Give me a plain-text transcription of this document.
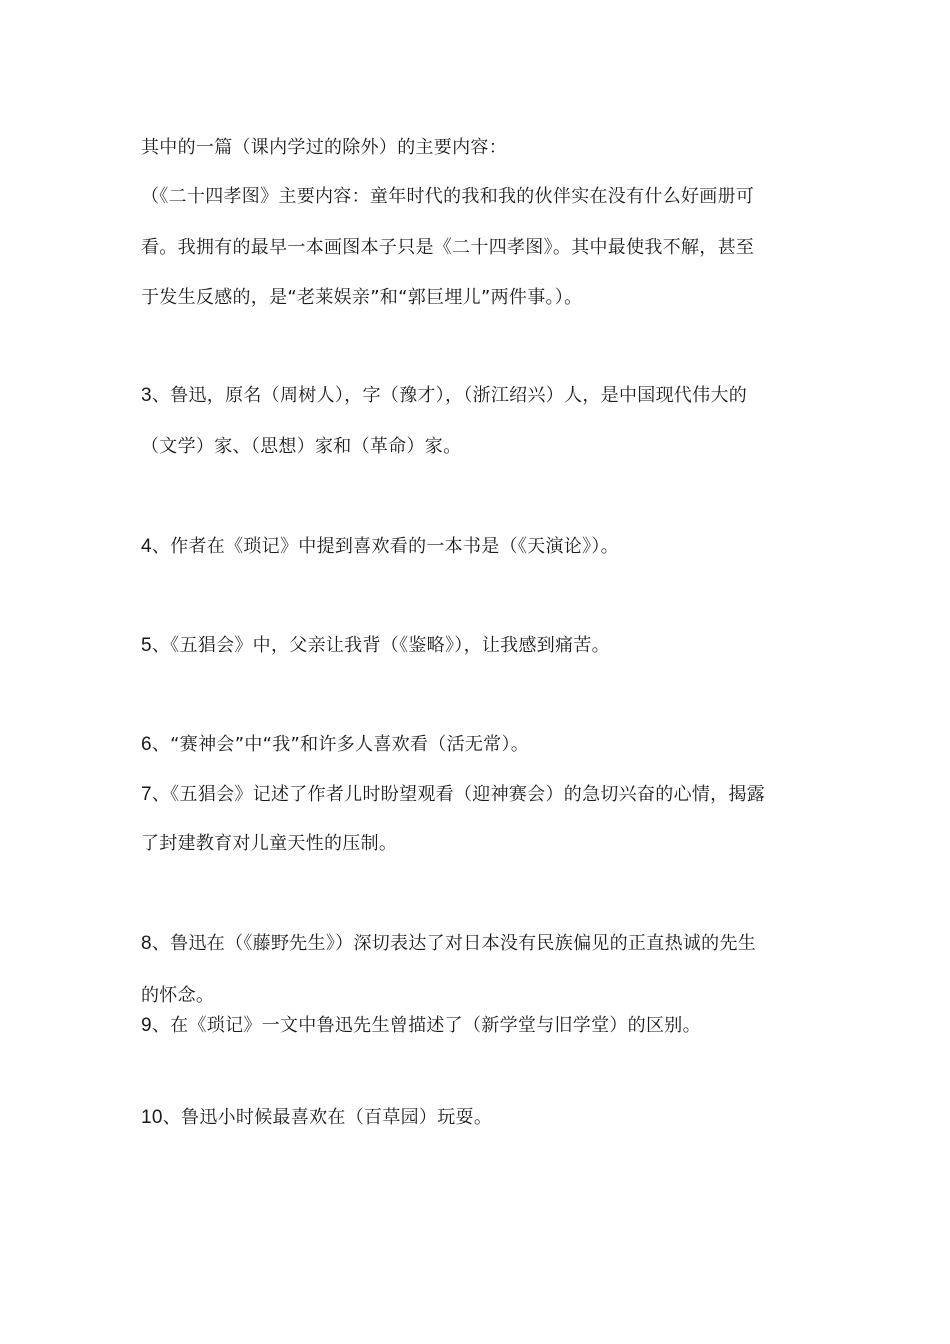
其中的一篇（课内学过的除外）的主要内容：
（《二十四孝图》主要内容：童年时代的我和我的伙伴实在没有什么好画册可
看。我拥有的最早一本画图本子只是《二十四孝图》。其中最使我不解，甚至
于发生反感的，是“老莱娱亲”和“郭巨埋儿”两件事。）。
3、鲁迅，原名（周树人），字（豫才），（浙江绍兴）人，是中国现代伟大的
（文学）家、（思想）家和（革命）家。
4、作者在《琐记》中提到喜欢看的一本书是（《天演论》）。
5、《五猖会》中，父亲让我背（《鉴略》），让我感到痛苦。
6、“赛神会”中“我”和许多人喜欢看（活无常）。
7、《五猖会》记述了作者儿时盼望观看（迎神赛会）的急切兴奋的心情，揭露
了封建教育对儿童天性的压制。
8、鲁迅在（《藤野先生》）深切表达了对日本没有民族偏见的正直热诚的先生
的怀念。
9、在《琐记》一文中鲁迅先生曾描述了（新学堂与旧学堂）的区别。
10、鲁迅小时候最喜欢在（百草园）玩耍。
